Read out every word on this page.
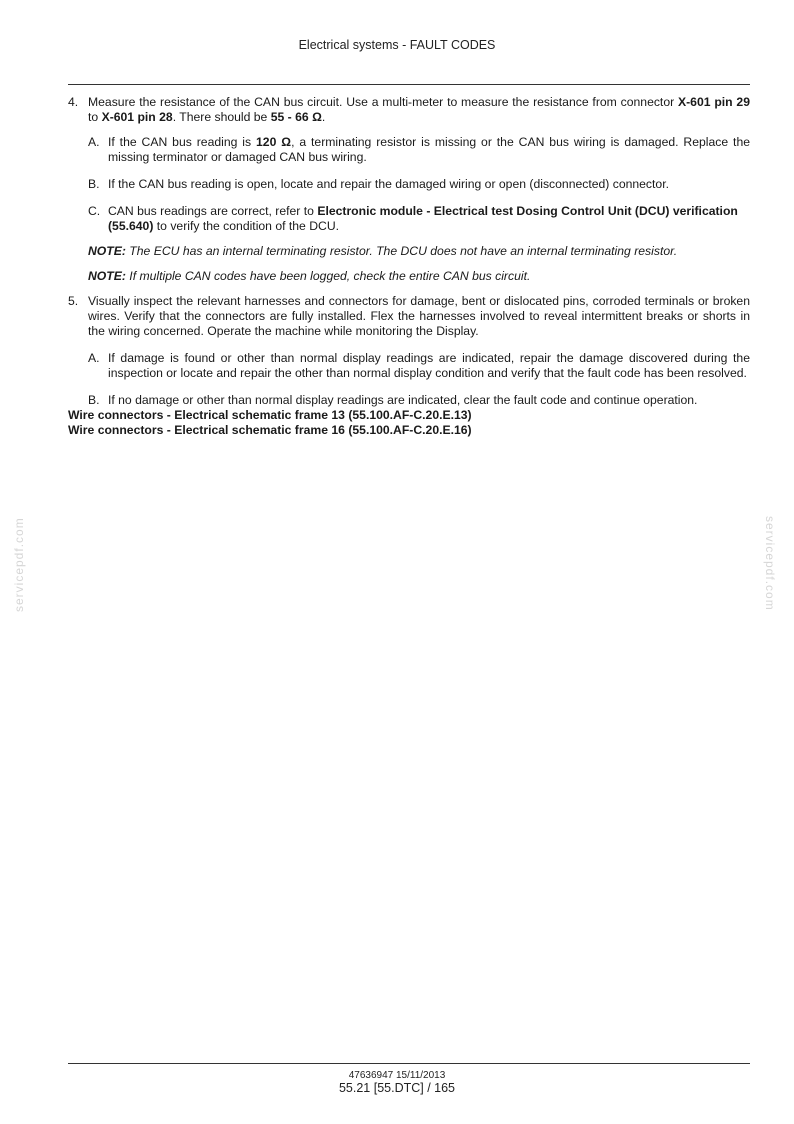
Electrical systems - FAULT CODES

4. Measure the resistance of the CAN bus circuit. Use a multi-meter to measure the resistance from connector X-601 pin 29 to X-601 pin 28. There should be 55 - 66 Ω.

A. If the CAN bus reading is 120 Ω, a terminating resistor is missing or the CAN bus wiring is damaged. Replace the missing terminator or damaged CAN bus wiring.

B. If the CAN bus reading is open, locate and repair the damaged wiring or open (disconnected) connector.

C. CAN bus readings are correct, refer to Electronic module - Electrical test Dosing Control Unit (DCU) verification (55.640) to verify the condition of the DCU.

NOTE: The ECU has an internal terminating resistor. The DCU does not have an internal terminating resistor.

NOTE: If multiple CAN codes have been logged, check the entire CAN bus circuit.

5. Visually inspect the relevant harnesses and connectors for damage, bent or dislocated pins, corroded terminals or broken wires. Verify that the connectors are fully installed. Flex the harnesses involved to reveal intermittent breaks or shorts in the wiring concerned. Operate the machine while monitoring the Display.

A. If damage is found or other than normal display readings are indicated, repair the damage discovered during the inspection or locate and repair the other than normal display condition and verify that the fault code has been resolved.

B. If no damage or other than normal display readings are indicated, clear the fault code and continue operation.

Wire connectors - Electrical schematic frame 13 (55.100.AF-C.20.E.13)

Wire connectors - Electrical schematic frame 16 (55.100.AF-C.20.E.16)

servicepdf.com	servicepdf.com
47636947 15/11/2013
55.21 [55.DTC] / 165
